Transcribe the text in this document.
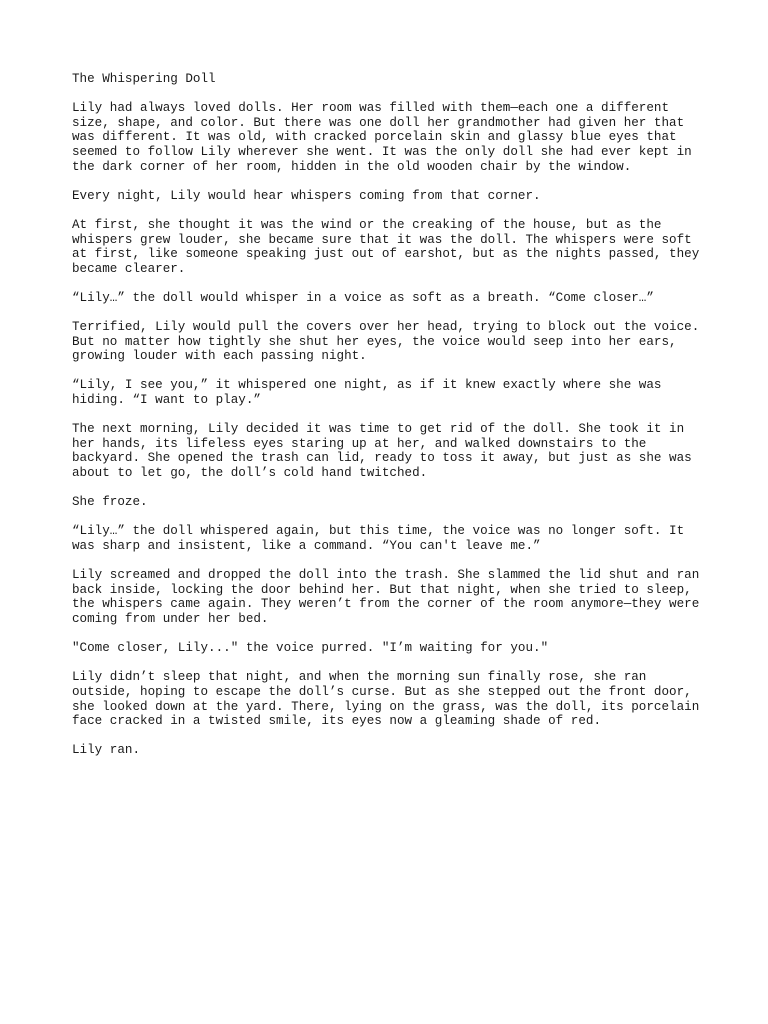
The Whispering Doll

Lily had always loved dolls. Her room was filled with them—each one a different
size, shape, and color. But there was one doll her grandmother had given her that
was different. It was old, with cracked porcelain skin and glassy blue eyes that
seemed to follow Lily wherever she went. It was the only doll she had ever kept in
the dark corner of her room, hidden in the old wooden chair by the window.

Every night, Lily would hear whispers coming from that corner.

At first, she thought it was the wind or the creaking of the house, but as the
whispers grew louder, she became sure that it was the doll. The whispers were soft
at first, like someone speaking just out of earshot, but as the nights passed, they
became clearer.

“Lily…” the doll would whisper in a voice as soft as a breath. “Come closer…”

Terrified, Lily would pull the covers over her head, trying to block out the voice.
But no matter how tightly she shut her eyes, the voice would seep into her ears,
growing louder with each passing night.

“Lily, I see you,” it whispered one night, as if it knew exactly where she was
hiding. “I want to play.”

The next morning, Lily decided it was time to get rid of the doll. She took it in
her hands, its lifeless eyes staring up at her, and walked downstairs to the
backyard. She opened the trash can lid, ready to toss it away, but just as she was
about to let go, the doll’s cold hand twitched.

She froze.

“Lily…” the doll whispered again, but this time, the voice was no longer soft. It
was sharp and insistent, like a command. “You can't leave me.”

Lily screamed and dropped the doll into the trash. She slammed the lid shut and ran
back inside, locking the door behind her. But that night, when she tried to sleep,
the whispers came again. They weren’t from the corner of the room anymore—they were
coming from under her bed.

"Come closer, Lily..." the voice purred. "I’m waiting for you."

Lily didn’t sleep that night, and when the morning sun finally rose, she ran
outside, hoping to escape the doll’s curse. But as she stepped out the front door,
she looked down at the yard. There, lying on the grass, was the doll, its porcelain
face cracked in a twisted smile, its eyes now a gleaming shade of red.

Lily ran.
